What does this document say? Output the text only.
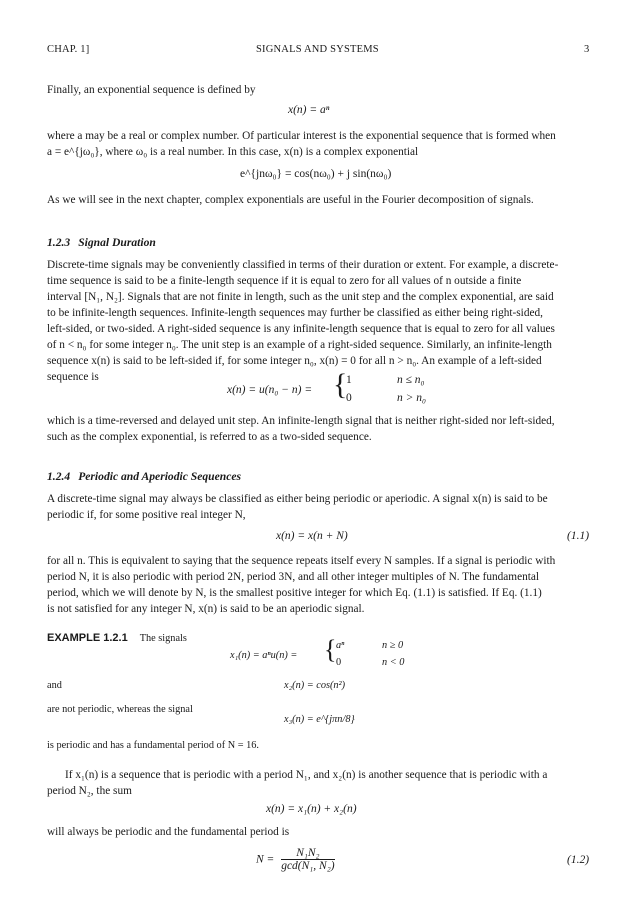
CHAP. 1]	SIGNALS AND SYSTEMS	3
Finally, an exponential sequence is defined by
x(n) = aⁿ
where a may be a real or complex number. Of particular interest is the exponential sequence that is formed when
a = e^{jω₀}, where ω₀ is a real number. In this case, x(n) is a complex exponential
e^{jnω₀} = cos(nω₀) + j sin(nω₀)
As we will see in the next chapter, complex exponentials are useful in the Fourier decomposition of signals.
1.2.3 Signal Duration
Discrete-time signals may be conveniently classified in terms of their duration or extent. For example, a discrete-
time sequence is said to be a finite-length sequence if it is equal to zero for all values of n outside a finite
interval [N₁, N₂]. Signals that are not finite in length, such as the unit step and the complex exponential, are said
to be infinite-length sequences. Infinite-length sequences may further be classified as either being right-sided,
left-sided, or two-sided. A right-sided sequence is any infinite-length sequence that is equal to zero for all values
of n < n₀ for some integer n₀. The unit step is an example of a right-sided sequence. Similarly, an infinite-length
sequence x(n) is said to be left-sided if, for some integer n₀, x(n) = 0 for all n > n₀. An example of a left-sided
sequence is
x(n) = u(n₀ − n) = {
1	n ≤ n₀
0	n > n₀
which is a time-reversed and delayed unit step. An infinite-length signal that is neither right-sided nor left-sided,
such as the complex exponential, is referred to as a two-sided sequence.
1.2.4 Periodic and Aperiodic Sequences
A discrete-time signal may always be classified as either being periodic or aperiodic. A signal x(n) is said to be
periodic if, for some positive real integer N,
x(n) = x(n + N)	(1.1)
for all n. This is equivalent to saying that the sequence repeats itself every N samples. If a signal is periodic with
period N, it is also periodic with period 2N, period 3N, and all other integer multiples of N. The fundamental
period, which we will denote by N, is the smallest positive integer for which Eq. (1.1) is satisfied. If Eq. (1.1)
is not satisfied for any integer N, x(n) is said to be an aperiodic signal.
EXAMPLE 1.2.1 The signals
x₁(n) = aⁿu(n) = { aⁿ	n ≥ 0
0	n < 0
and	x₂(n) = cos(n²)
are not periodic, whereas the signal
x₃(n) = e^{jπn/8}
is periodic and has a fundamental period of N = 16.
If x₁(n) is a sequence that is periodic with a period N₁, and x₂(n) is another sequence that is periodic with a
period N₂, the sum
x(n) = x₁(n) + x₂(n)
will always be periodic and the fundamental period is
$N = \frac{\text{N₁N₂}}{\text{gcd(N₁, N₂)}}$	(1.2)
